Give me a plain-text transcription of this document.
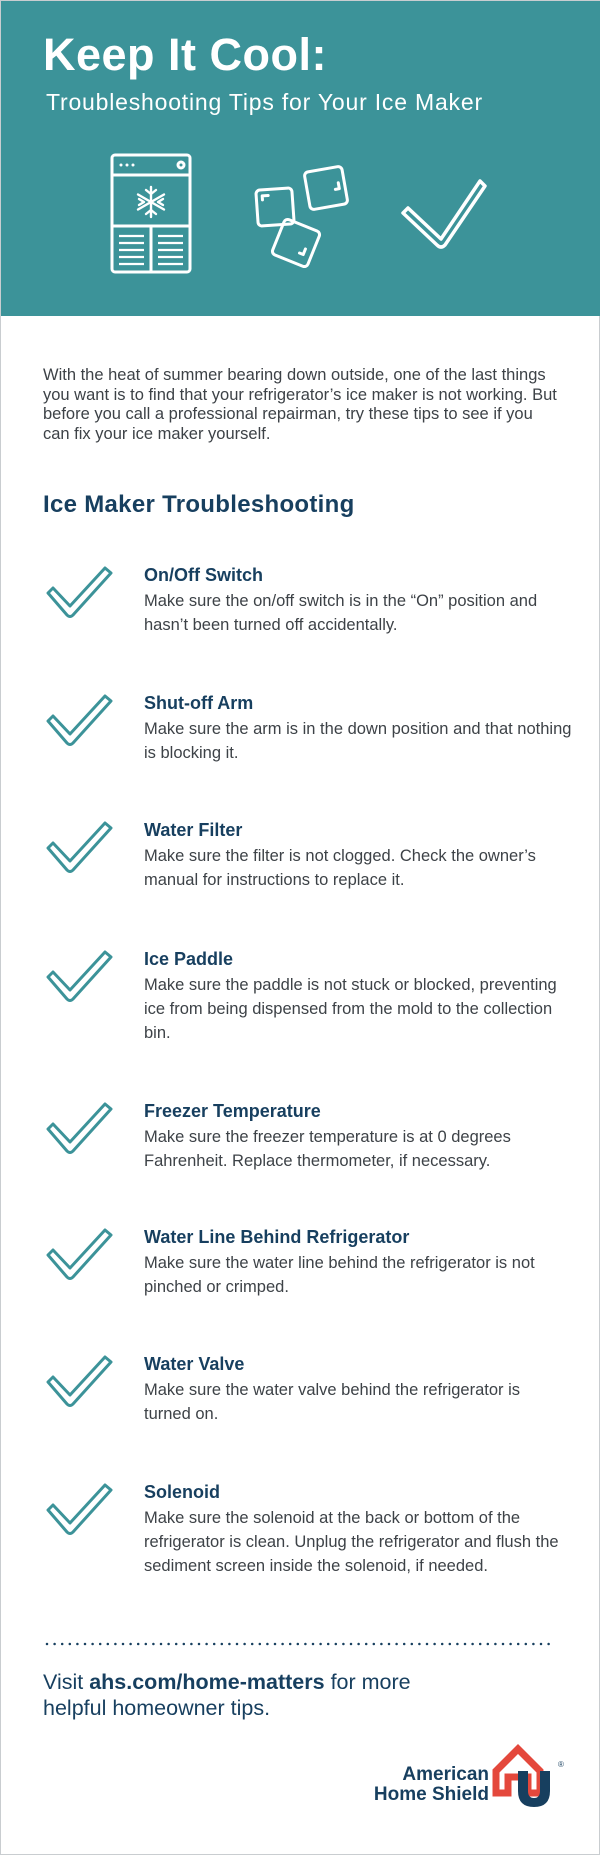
Keep It Cool:

Troubleshooting Tips for Your Ice Maker

With the heat of summer bearing down outside, one of the last things you want is to find that your refrigerator’s ice maker is not working. But before you call a professional repairman, try these tips to see if you can fix your ice maker yourself.

Ice Maker Troubleshooting
On/Off Switch

Make sure the on/off switch is in the “On” position and hasn’t been turned off accidentally.

Shut-off Arm

Make sure the arm is in the down position and that nothing is blocking it.

Water Filter

Make sure the filter is not clogged. Check the owner’s manual for instructions to replace it.

Ice Paddle

Make sure the paddle is not stuck or blocked, preventing ice from being dispensed from the mold to the collection bin.

Freezer Temperature

Make sure the freezer temperature is at 0 degrees Fahrenheit. Replace thermometer, if necessary.

Water Line Behind Refrigerator

Make sure the water line behind the refrigerator is not pinched or crimped.

Water Valve

Make sure the water valve behind the refrigerator is turned on.

Solenoid

Make sure the solenoid at the back or bottom of the refrigerator is clean. Unplug the refrigerator and flush the sediment screen inside the solenoid, if needed.

Visit ahs.com/home-matters for more helpful homeowner tips.

American
Home Shield
®
